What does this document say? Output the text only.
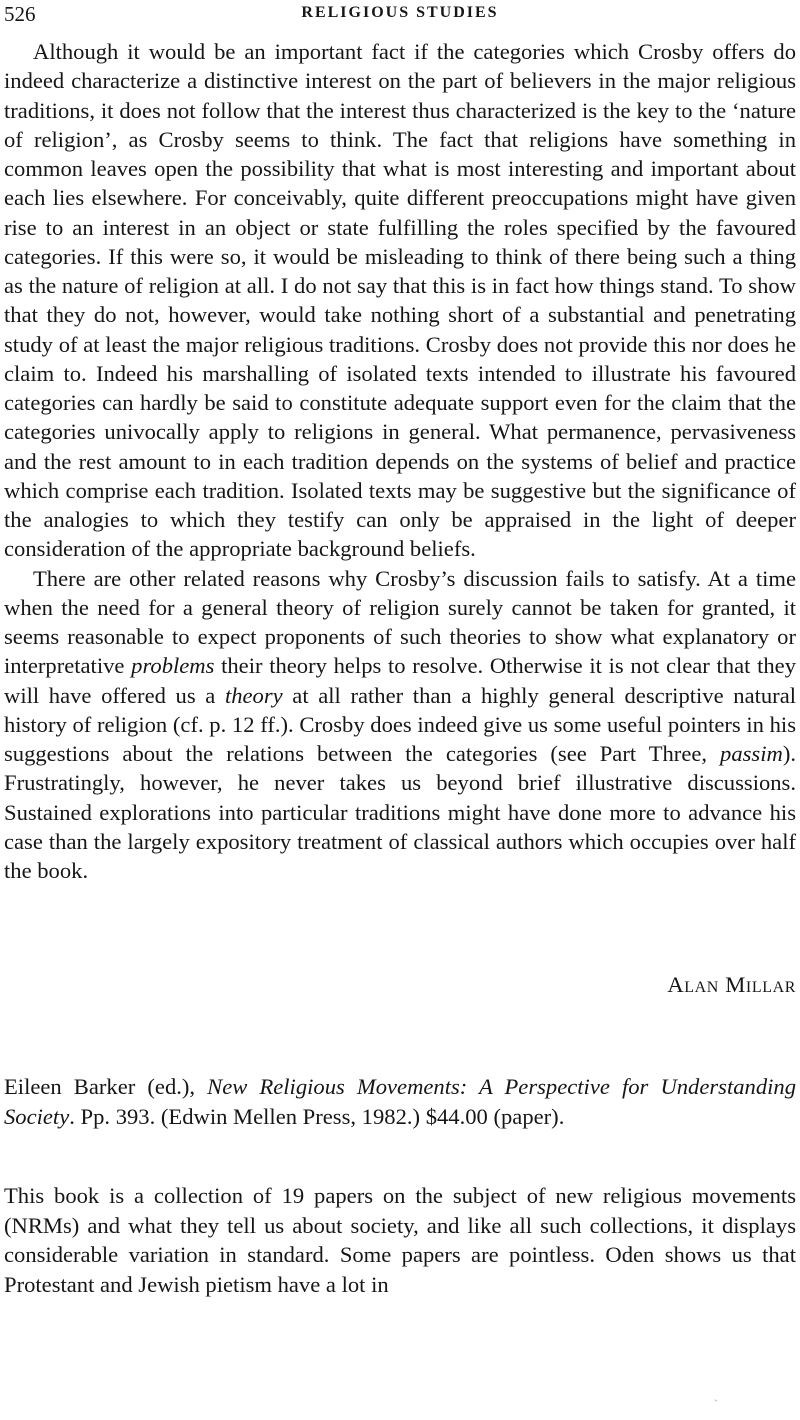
526	RELIGIOUS STUDIES

Although it would be an important fact if the categories which Crosby offers do indeed characterize a distinctive interest on the part of believers in the major religious traditions, it does not follow that the interest thus characterized is the key to the ‘nature of religion’, as Crosby seems to think. The fact that religions have something in common leaves open the possibility that what is most interesting and important about each lies elsewhere. For conceivably, quite different preoccupations might have given rise to an interest in an object or state fulfilling the roles specified by the favoured categories. If this were so, it would be misleading to think of there being such a thing as the nature of religion at all. I do not say that this is in fact how things stand. To show that they do not, however, would take nothing short of a substantial and penetrating study of at least the major religious traditions. Crosby does not provide this nor does he claim to. Indeed his marshalling of isolated texts intended to illustrate his favoured categories can hardly be said to constitute adequate support even for the claim that the categories univocally apply to religions in general. What permanence, pervasiveness and the rest amount to in each tradition depends on the systems of belief and practice which comprise each tradition. Isolated texts may be suggestive but the significance of the analogies to which they testify can only be appraised in the light of deeper consideration of the appropriate background beliefs.

There are other related reasons why Crosby’s discussion fails to satisfy. At a time when the need for a general theory of religion surely cannot be taken for granted, it seems reasonable to expect proponents of such theories to show what explanatory or interpretative problems their theory helps to resolve. Otherwise it is not clear that they will have offered us a theory at all rather than a highly general descriptive natural history of religion (cf. p. 12 ff.). Crosby does indeed give us some useful pointers in his suggestions about the relations between the categories (see Part Three, passim). Frustratingly, however, he never takes us beyond brief illustrative discussions. Sustained explorations into particular traditions might have done more to advance his case than the largely expository treatment of classical authors which occupies over half the book.

Alan Millar
Eileen Barker (ed.), New Religious Movements: A Perspective for Understanding Society. Pp. 393. (Edwin Mellen Press, 1982.) $44.00 (paper).

This book is a collection of 19 papers on the subject of new religious movements (NRMs) and what they tell us about society, and like all such collections, it displays considerable variation in standard. Some papers are pointless. Oden shows us that Protestant and Jewish pietism have a lot in

ˎ
